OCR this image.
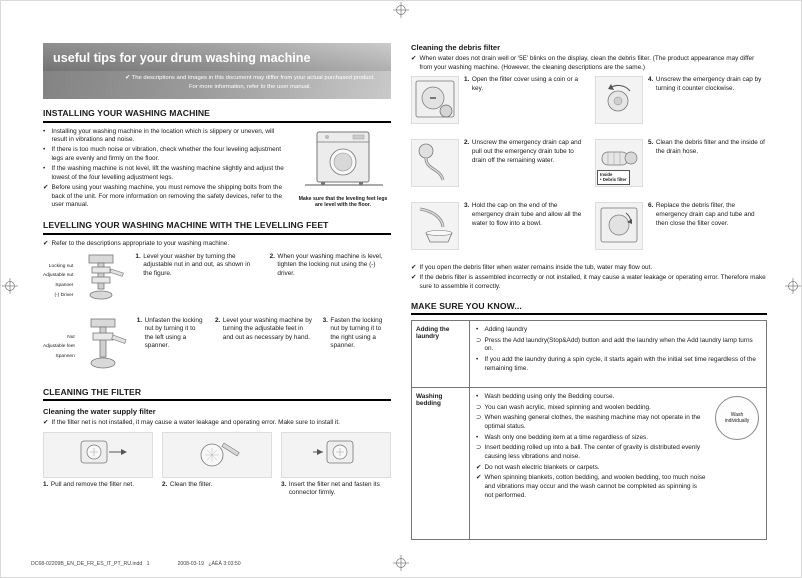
useful tips for your drum washing machine
✔ The descriptions and images in this document may differ from your actual purchased product. For more information, refer to the user manual.
INSTALLING YOUR WASHING MACHINE
• Installing your washing machine in the location which is slippery or uneven, will result in vibrations and noise.
• If there is too much noise or vibration, check whether the four leveling adjustment legs are evenly and firmly on the floor.
• If the washing machine is not level, lift the washing machine slightly and adjust the lowest of the four levelling adjustment legs.
✔ Before using your washing machine, you must remove the shipping bolts from the back of the unit. For more information on removing the safety devices, refer to the user manual.
Make sure that the leveling feet legs are level with the floor.
LEVELLING YOUR WASHING MACHINE WITH THE LEVELLING FEET
✔ Refer to the descriptions appropriate to your washing machine.
Locking nut
Adjustable nut
Spanner
(-) Driver
1. Level your washer by turning the adjustable nut in and out, as shown in the figure.
2. When your washing machine is level, tighten the locking nut using the (-) driver.
Nut
Adjustable feet
Spannen
1. Unfasten the locking nut by turning it to the left using a spanner.
2. Level your washing machine by turning the adjustable feet in and out as necessary by hand.
3. Fasten the locking nut by turning it to the right using a spanner.
CLEANING THE FILTER
Cleaning the water supply filter
✔ If the filter net is not installed, it may cause a water leakage and operating error. Make sure to install it.
1. Pull and remove the filter net.	2. Clean the filter.	3. Insert the filter net and fasten its connector firmly.
Cleaning the debris filter
✔ When water does not drain well or '5E' blinks on the display, clean the debris filter. (The product appearance may differ from your washing machine. (However, the cleaning descriptions are the same.)
1. Open the filter cover using a coin or a key.
4. Unscrew the emergency drain cap by turning it counter clockwise.
2. Unscrew the emergency drain cap and pull out the emergency drain tube to drain off the remaining water.
Inside
• Debris filter
5. Clean the debris filter and the inside of the drain hose.
3. Hold the cap on the end of the emergency drain tube and allow all the water to flow into a bowl.
6. Replace the debris filter, the emergency drain cap and tube and then close the filter cover.
✔ If you open the debris filter when water remains inside the tub, water may flow out.
✔ If the debris filter is assembled incorrectly or not installed, it may cause a water leakage or operating error. Therefore make sure to assemble it correctly.
MAKE SURE YOU KNOW...
Adding the laundry
• Adding laundry
⊃ Press the Add laundry(Stop&Add) button and add the laundry when the Add laundry lamp turns on.
• If you add the laundry during a spin cycle, it starts again with the initial set time regardless of the remaining time.
Washing bedding
• Wash bedding using only the Bedding course.
⊃ You can wash acrylic, mixed spinning and woolen bedding.
⊃ When washing general clothes, the washing machine may not operate in the optimal status.
• Wash only one bedding item at a time regardless of sizes.
⊃ Insert bedding rolled up into a ball. The center of gravity is distributed evenly causing less vibrations and noise.
✔ Do not wash electric blankets or carpets.
✔ When spinning blankets, cotton bedding, and woolen bedding, too much noise and vibrations may occur and the wash cannot be completed as spinning is not performed.
Wash individually
DC68-02209B_EN_DE_FR_ES_IT_PT_RU.indd   1	2008-03-19   ¿ÀÈÄ 3:03:50
